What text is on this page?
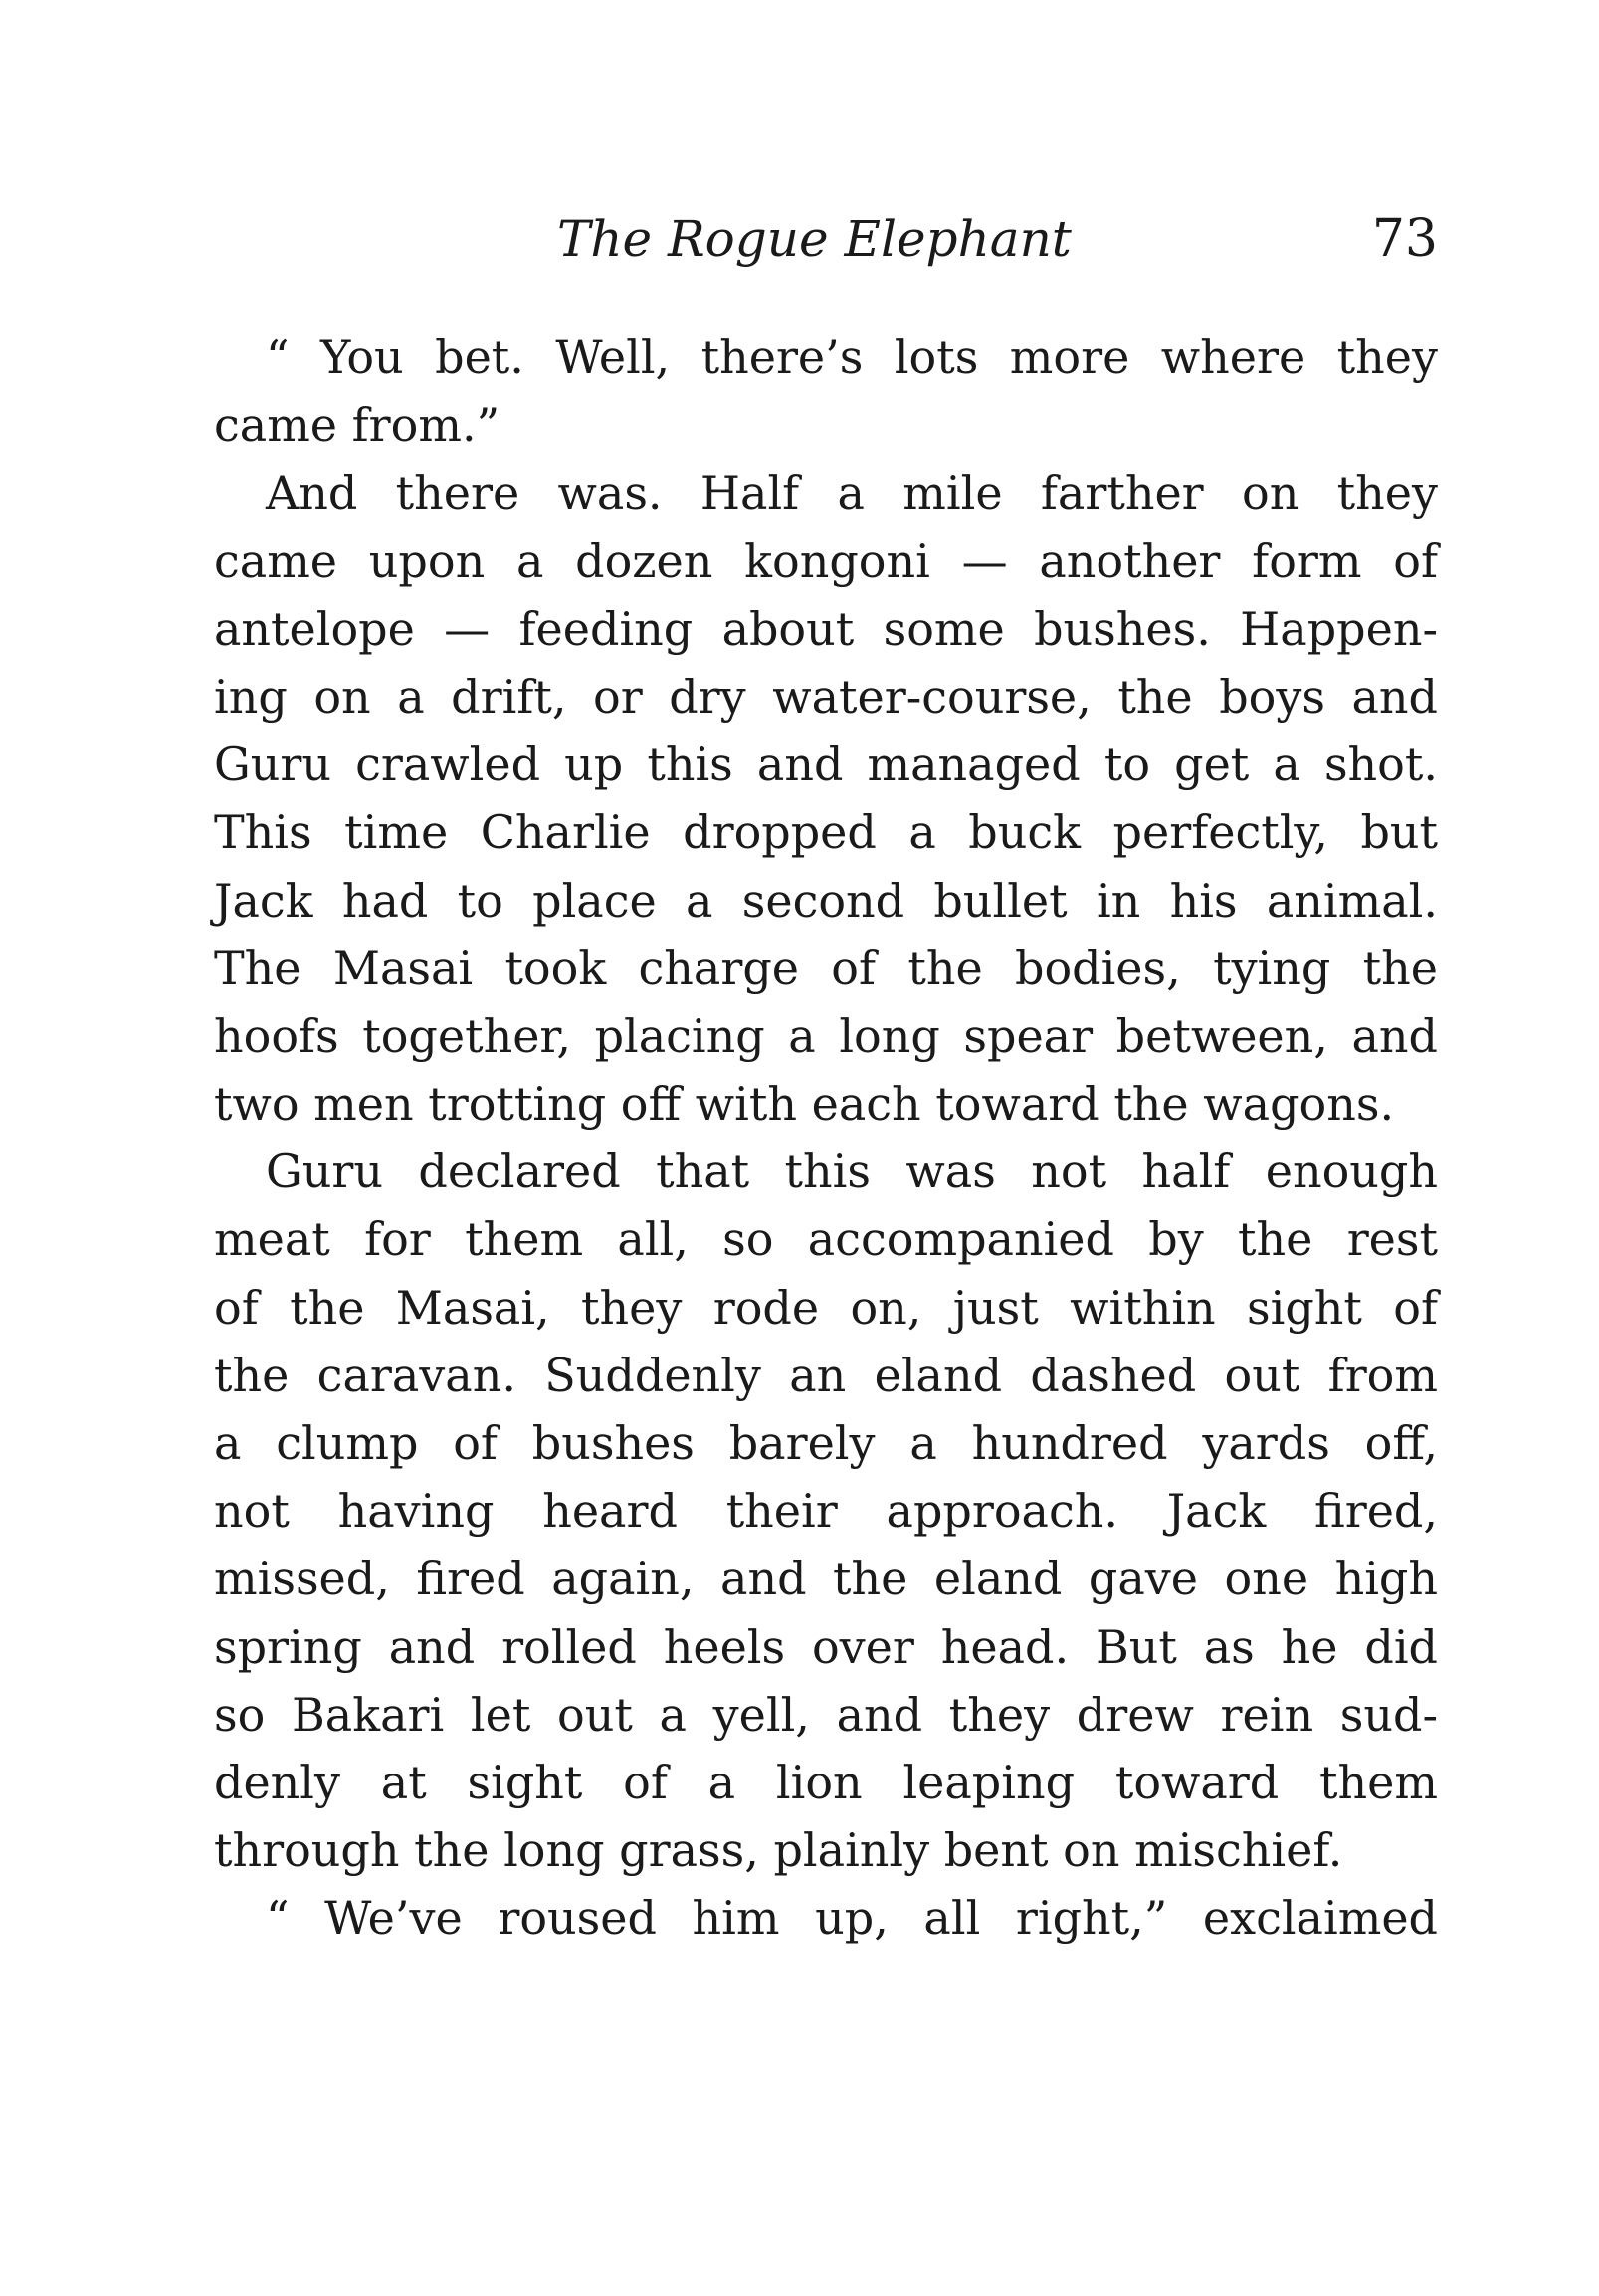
The Rogue Elephant	73
“ You bet. Well, there’s lots more where they
came from.”
And there was. Half a mile farther on they
came upon a dozen kongoni — another form of
antelope — feeding about some bushes. Happen-
ing on a drift, or dry water-course, the boys and
Guru crawled up this and managed to get a shot.
This time Charlie dropped a buck perfectly, but
Jack had to place a second bullet in his animal.
The Masai took charge of the bodies, tying the
hoofs together, placing a long spear between, and
two men trotting off with each toward the wagons.
Guru declared that this was not half enough
meat for them all, so accompanied by the rest
of the Masai, they rode on, just within sight of
the caravan. Suddenly an eland dashed out from
a clump of bushes barely a hundred yards off,
not having heard their approach. Jack fired,
missed, fired again, and the eland gave one high
spring and rolled heels over head. But as he did
so Bakari let out a yell, and they drew rein sud-
denly at sight of a lion leaping toward them
through the long grass, plainly bent on mischief.
“ We’ve roused him up, all right,” exclaimed
